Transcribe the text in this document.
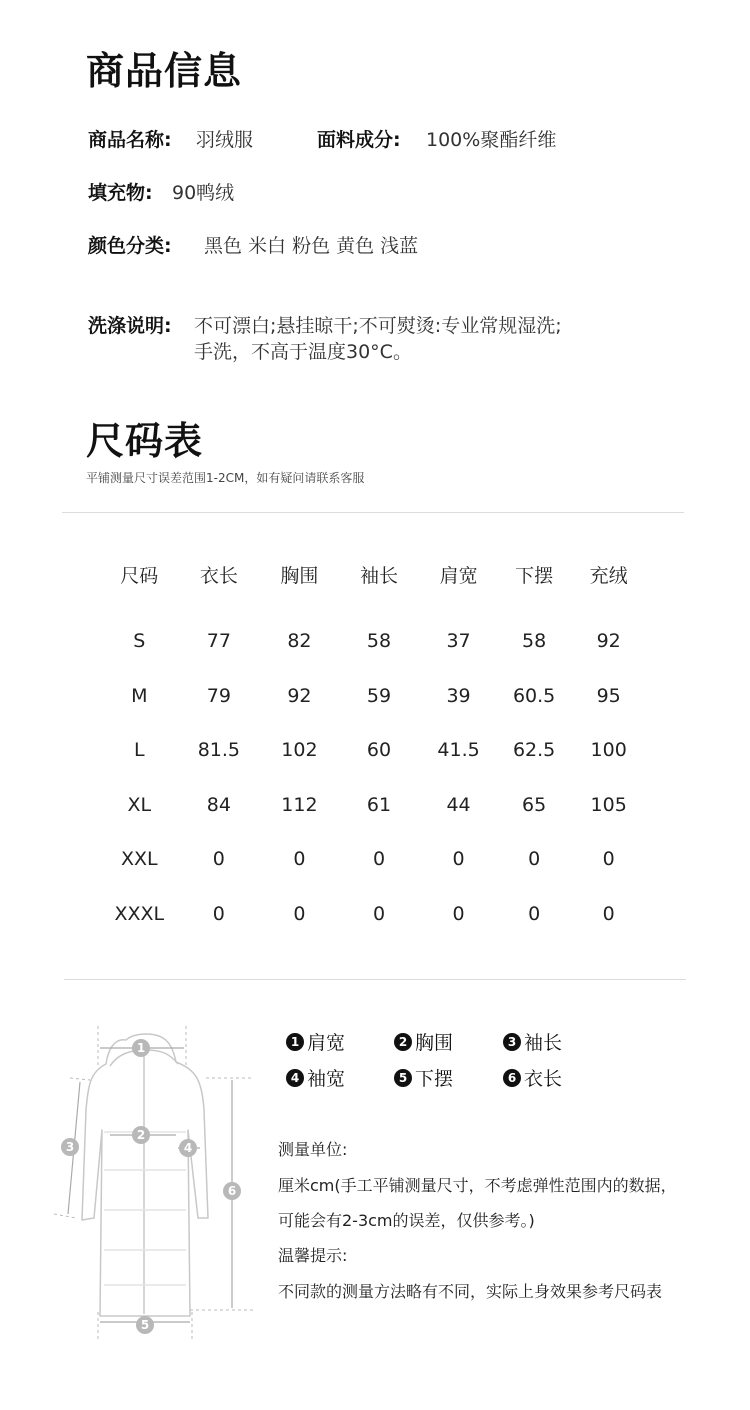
商品信息
商品名称: 羽绒服	面料成分: 100%聚酯纤维
填充物: 90鸭绒
颜色分类: 黑色 米白 粉色 黄色 浅蓝
洗涤说明: 不可漂白;悬挂晾干;不可熨烫:专业常规湿洗;
手洗，不高于温度30°C。
尺码表
平铺测量尺寸误差范围1-2CM，如有疑问请联系客服
尺码	衣长	胸围	袖长	肩宽	下摆	充绒

S	77	82	58	37	58	92
M	79	92	59	39	60.5	95
L	81.5	102	60	41.5	62.5	100
XL	84	112	61	44	65	105
XXL	0	0	0	0	0	0
XXXL	0	0	0	0	0	0
1
2
3	4
5
6
1 肩宽	2 胸围	3 袖长
4 袖宽	5 下摆	6 衣长
测量单位:
厘米cm(手工平铺测量尺寸，不考虑弹性范围内的数据，
可能会有2-3cm的误差，仅供参考。)
温馨提示:
不同款的测量方法略有不同，实际上身效果参考尺码表
